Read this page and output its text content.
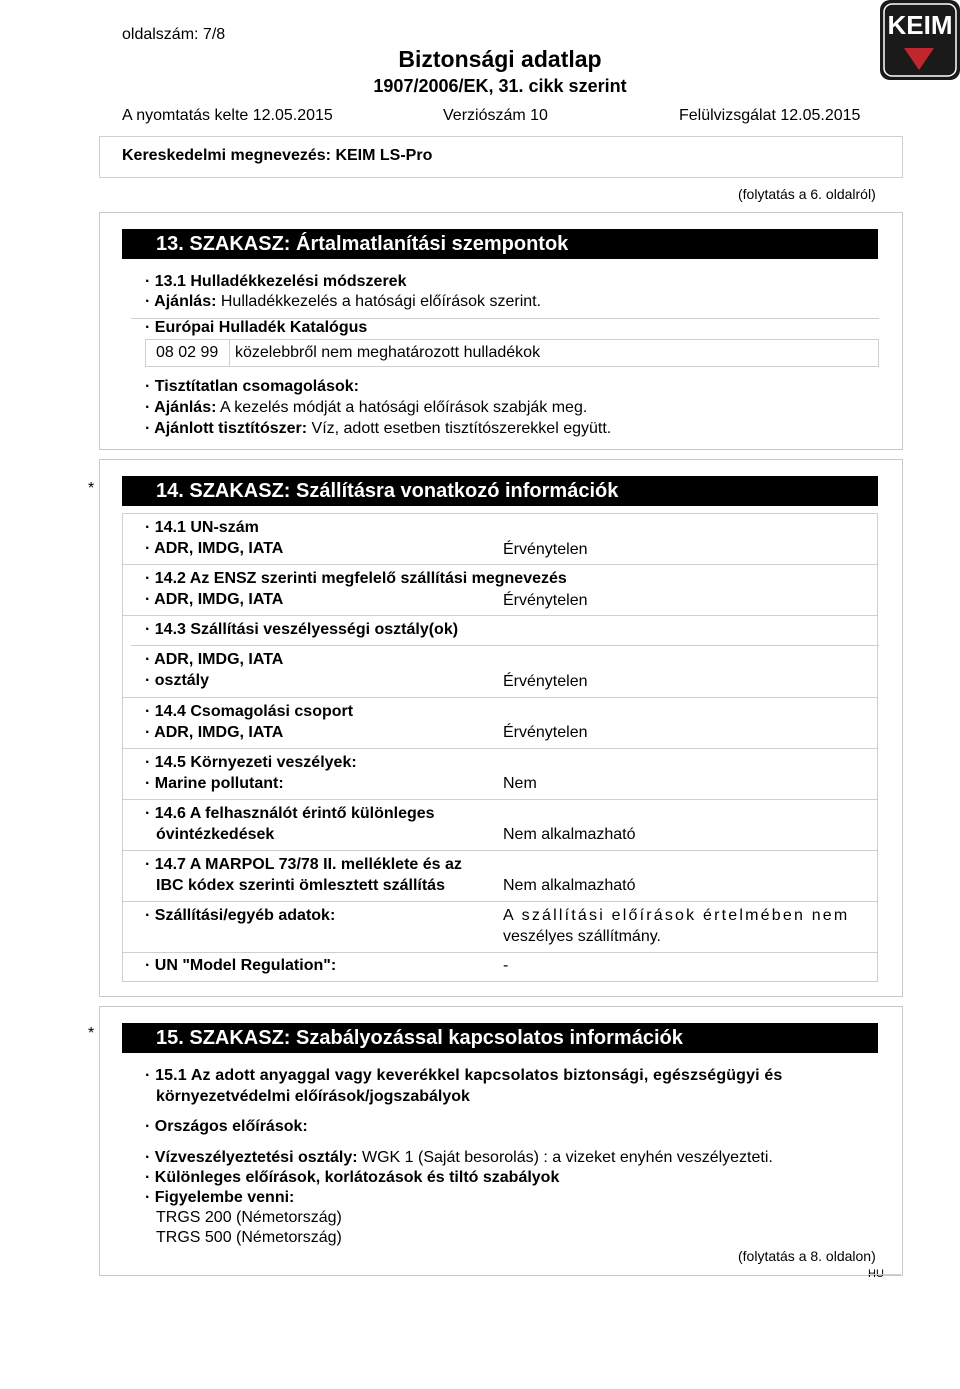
oldalszám: 7/8
Biztonsági adatlap
1907/2006/EK, 31. cikk szerint
KEIM
A nyomtatás kelte 12.05.2015	Verziószám 10	Felülvizsgálat 12.05.2015
Kereskedelmi megnevezés: KEIM LS-Pro
(folytatás a 6. oldalról)
13. SZAKASZ: Ártalmatlanítási szempontok
· 13.1 Hulladékkezelési módszerek
· Ajánlás: Hulladékkezelés a hatósági előírások szerint.
· Európai Hulladék Katalógus
08 02 99 közelebbről nem meghatározott hulladékok
· Tisztítatlan csomagolások:
· Ajánlás: A kezelés módját a hatósági előírások szabják meg.
· Ajánlott tisztítószer: Víz, adott esetben tisztítószerekkel együtt.
*	14. SZAKASZ: Szállításra vonatkozó információk
· 14.1 UN-szám
· ADR, IMDG, IATA	Érvénytelen
· 14.2 Az ENSZ szerinti megfelelő szállítási megnevezés
· ADR, IMDG, IATA	Érvénytelen
· 14.3 Szállítási veszélyességi osztály(ok)
· ADR, IMDG, IATA
· osztály	Érvénytelen
· 14.4 Csomagolási csoport
· ADR, IMDG, IATA	Érvénytelen
· 14.5 Környezeti veszélyek:
· Marine pollutant:	Nem
· 14.6 A felhasználót érintő különleges
óvintézkedések	Nem alkalmazható
· 14.7 A MARPOL 73/78 II. melléklete és az
IBC kódex szerinti ömlesztett szállítás	Nem alkalmazható
· Szállítási/egyéb adatok:	A szállítási előírások értelmében nem
veszélyes szállítmány.
· UN "Model Regulation":	-
*	15. SZAKASZ: Szabályozással kapcsolatos információk
· 15.1 Az adott anyaggal vagy keverékkel kapcsolatos biztonsági, egészségügyi és
környezetvédelmi előírások/jogszabályok
· Országos előírások:
· Vízveszélyeztetési osztály: WGK 1 (Saját besorolás) : a vizeket enyhén veszélyezteti.
· Különleges előírások, korlátozások és tiltó szabályok
· Figyelembe venni:
TRGS 200 (Németország)
TRGS 500 (Németország)
(folytatás a 8. oldalon)
HU
